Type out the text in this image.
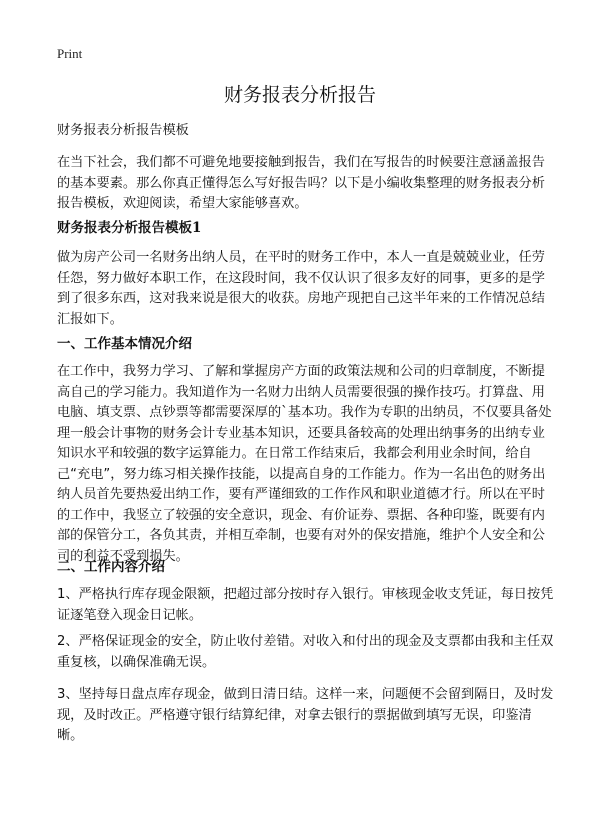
Print
财务报表分析报告
财务报表分析报告模板
在当下社会，我们都不可避免地要接触到报告，我们在写报告的时候要注意涵盖报告的基本要素。那么你真正懂得怎么写好报告吗？以下是小编收集整理的财务报表分析报告模板，欢迎阅读，希望大家能够喜欢。
财务报表分析报告模板1
做为房产公司一名财务出纳人员，在平时的财务工作中，本人一直是兢兢业业，任劳任怨，努力做好本职工作，在这段时间，我不仅认识了很多友好的同事，更多的是学到了很多东西，这对我来说是很大的收获。房地产现把自己这半年来的工作情况总结汇报如下。
一、工作基本情况介绍
在工作中，我努力学习、了解和掌握房产方面的政策法规和公司的归章制度，不断提高自己的学习能力。我知道作为一名财力出纳人员需要很强的操作技巧。打算盘、用电脑、填支票、点钞票等都需要深厚的`基本功。我作为专职的出纳员，不仅要具备处理一般会计事物的财务会计专业基本知识，还要具备较高的处理出纳事务的出纳专业知识水平和较强的数字运算能力。在日常工作结束后，我都会利用业余时间，给自己“充电”，努力练习相关操作技能，以提高自身的工作能力。作为一名出色的财务出纳人员首先要热爱出纳工作，要有严谨细致的工作作风和职业道德才行。所以在平时的工作中，我竖立了较强的安全意识，现金、有价证券、票据、各种印鉴，既要有内部的保管分工，各负其责，并相互牵制，也要有对外的保安措施，维护个人安全和公司的利益不受到损失。
二、工作内容介绍
1、严格执行库存现金限额，把超过部分按时存入银行。审核现金收支凭证，每日按凭证逐笔登入现金日记帐。
2、严格保证现金的安全，防止收付差错。对收入和付出的现金及支票都由我和主任双重复核，以确保准确无误。
3、坚持每日盘点库存现金，做到日清日结。这样一来，问题便不会留到隔日，及时发现，及时改正。严格遵守银行结算纪律，对拿去银行的票据做到填写无误，印鉴清晰。
